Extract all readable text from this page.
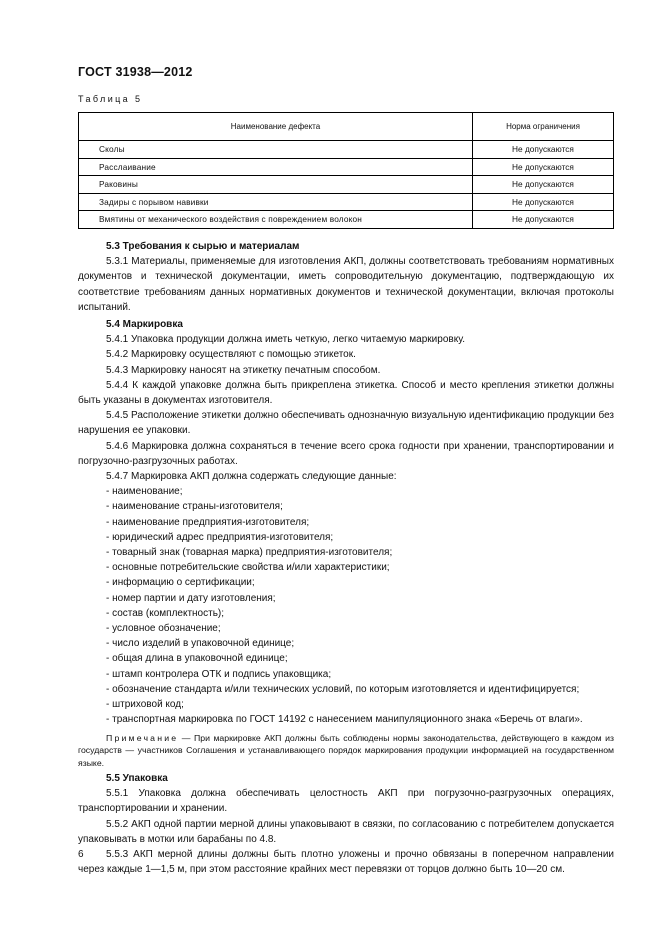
ГОСТ 31938—2012
Таблица 5
Наименование дефекта	Норма ограничения
Сколы	Не допускаются
Расслаивание	Не допускаются
Раковины	Не допускаются
Задиры с порывом навивки	Не допускаются
Вмятины от механического воздействия с повреждением волокон	Не допускаются

5.3 Требования к сырью и материалам

5.3.1 Материалы, применяемые для изготовления АКП, должны соответствовать требованиям нормативных документов и технической документации, иметь сопроводительную документацию, подтверждающую их соответствие требованиям данных нормативных документов и технической документации, включая протоколы испытаний.

5.4 Маркировка

5.4.1 Упаковка продукции должна иметь четкую, легко читаемую маркировку.

5.4.2 Маркировку осуществляют с помощью этикеток.

5.4.3 Маркировку наносят на этикетку печатным способом.

5.4.4 К каждой упаковке должна быть прикреплена этикетка. Способ и место крепления этикетки должны быть указаны в документах изготовителя.

5.4.5 Расположение этикетки должно обеспечивать однозначную визуальную идентификацию продукции без нарушения ее упаковки.

5.4.6 Маркировка должна сохраняться в течение всего срока годности при хранении, транспортировании и погрузочно-разгрузочных работах.

5.4.7 Маркировка АКП должна содержать следующие данные:

- наименование;

- наименование страны-изготовителя;

- наименование предприятия-изготовителя;

- юридический адрес предприятия-изготовителя;

- товарный знак (товарная марка) предприятия-изготовителя;

- основные потребительские свойства и/или характеристики;

- информацию о сертификации;

- номер партии и дату изготовления;

- состав (комплектность);

- условное обозначение;

- число изделий в упаковочной единице;

- общая длина в упаковочной единице;

- штамп контролера ОТК и подпись упаковщика;

- обозначение стандарта и/или технических условий, по которым изготовляется и идентифицируется;

- штриховой код;

- транспортная маркировка по ГОСТ 14192 с нанесением манипуляционного знака «Беречь от влаги».

Примечание — При маркировке АКП должны быть соблюдены нормы законодательства, действующего в каждом из государств — участников Соглашения и устанавливающего порядок маркирования продукции информацией на государственном языке.

5.5 Упаковка

5.5.1 Упаковка должна обеспечивать целостность АКП при погрузочно-разгрузочных операциях, транспортировании и хранении.

5.5.2 АКП одной партии мерной длины упаковывают в связки, по согласованию с потребителем допускается упаковывать в мотки или барабаны по 4.8.

5.5.3 АКП мерной длины должны быть плотно уложены и прочно обвязаны в поперечном направлении через каждые 1—1,5 м, при этом расстояние крайних мест перевязки от торцов должно быть 10—20 см.

6
